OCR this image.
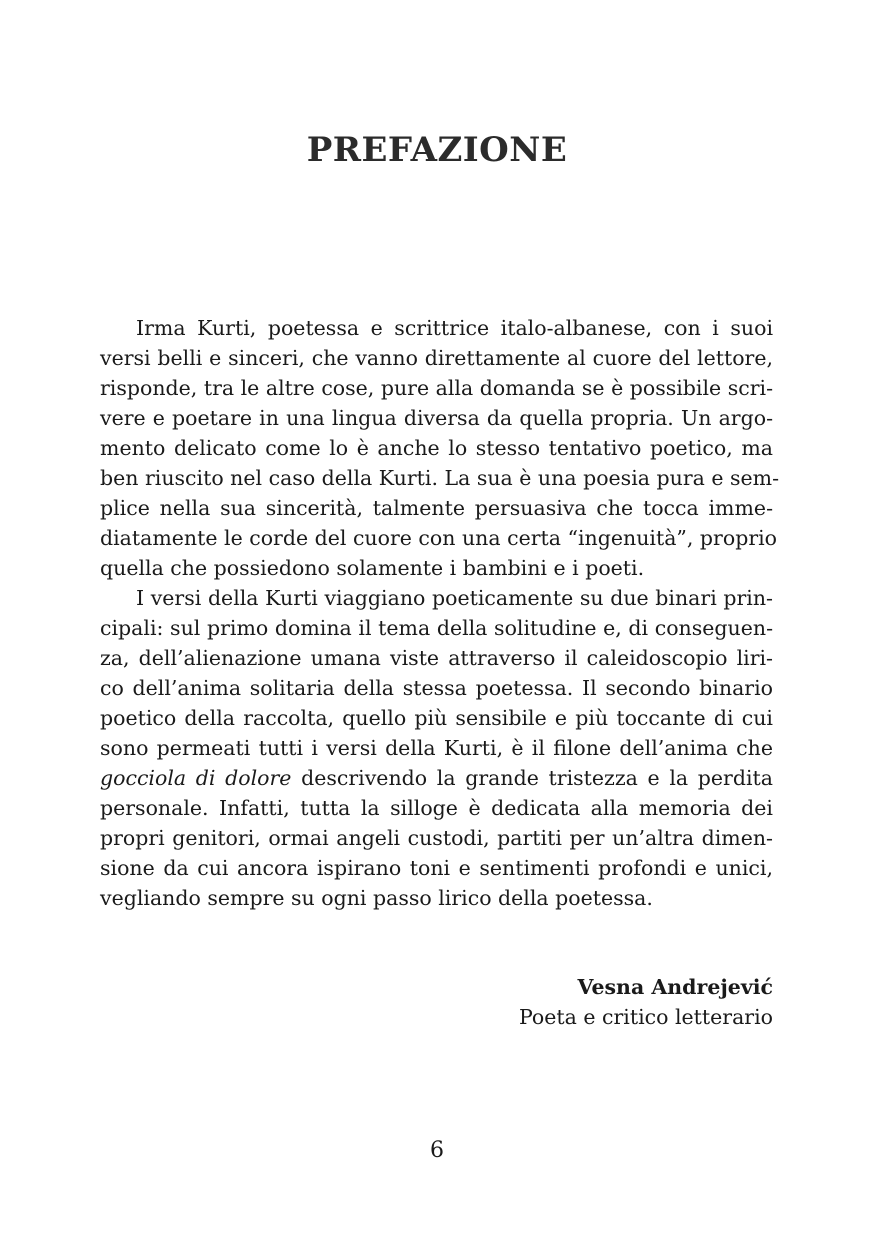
PREFAZIONE
Irma Kurti, poetessa e scrittrice italo-albanese, con i suoi
versi belli e sinceri, che vanno direttamente al cuore del lettore,
risponde, tra le altre cose, pure alla domanda se è possibile scri-
vere e poetare in una lingua diversa da quella propria. Un argo-
mento delicato come lo è anche lo stesso tentativo poetico, ma
ben riuscito nel caso della Kurti. La sua è una poesia pura e sem-
plice nella sua sincerità, talmente persuasiva che tocca imme-
diatamente le corde del cuore con una certa “ingenuità”, proprio
quella che possiedono solamente i bambini e i poeti.
I versi della Kurti viaggiano poeticamente su due binari prin-
cipali: sul primo domina il tema della solitudine e, di conseguen-
za, dell’alienazione umana viste attraverso il caleidoscopio liri-
co dell’anima solitaria della stessa poetessa. Il secondo binario
poetico della raccolta, quello più sensibile e più toccante di cui
sono permeati tutti i versi della Kurti, è il filone dell’anima che
gocciola di dolore descrivendo la grande tristezza e la perdita
personale. Infatti, tutta la silloge è dedicata alla memoria dei
propri genitori, ormai angeli custodi, partiti per un’altra dimen-
sione da cui ancora ispirano toni e sentimenti profondi e unici,
vegliando sempre su ogni passo lirico della poetessa.
Vesna Andrejević
Poeta e critico letterario
6
